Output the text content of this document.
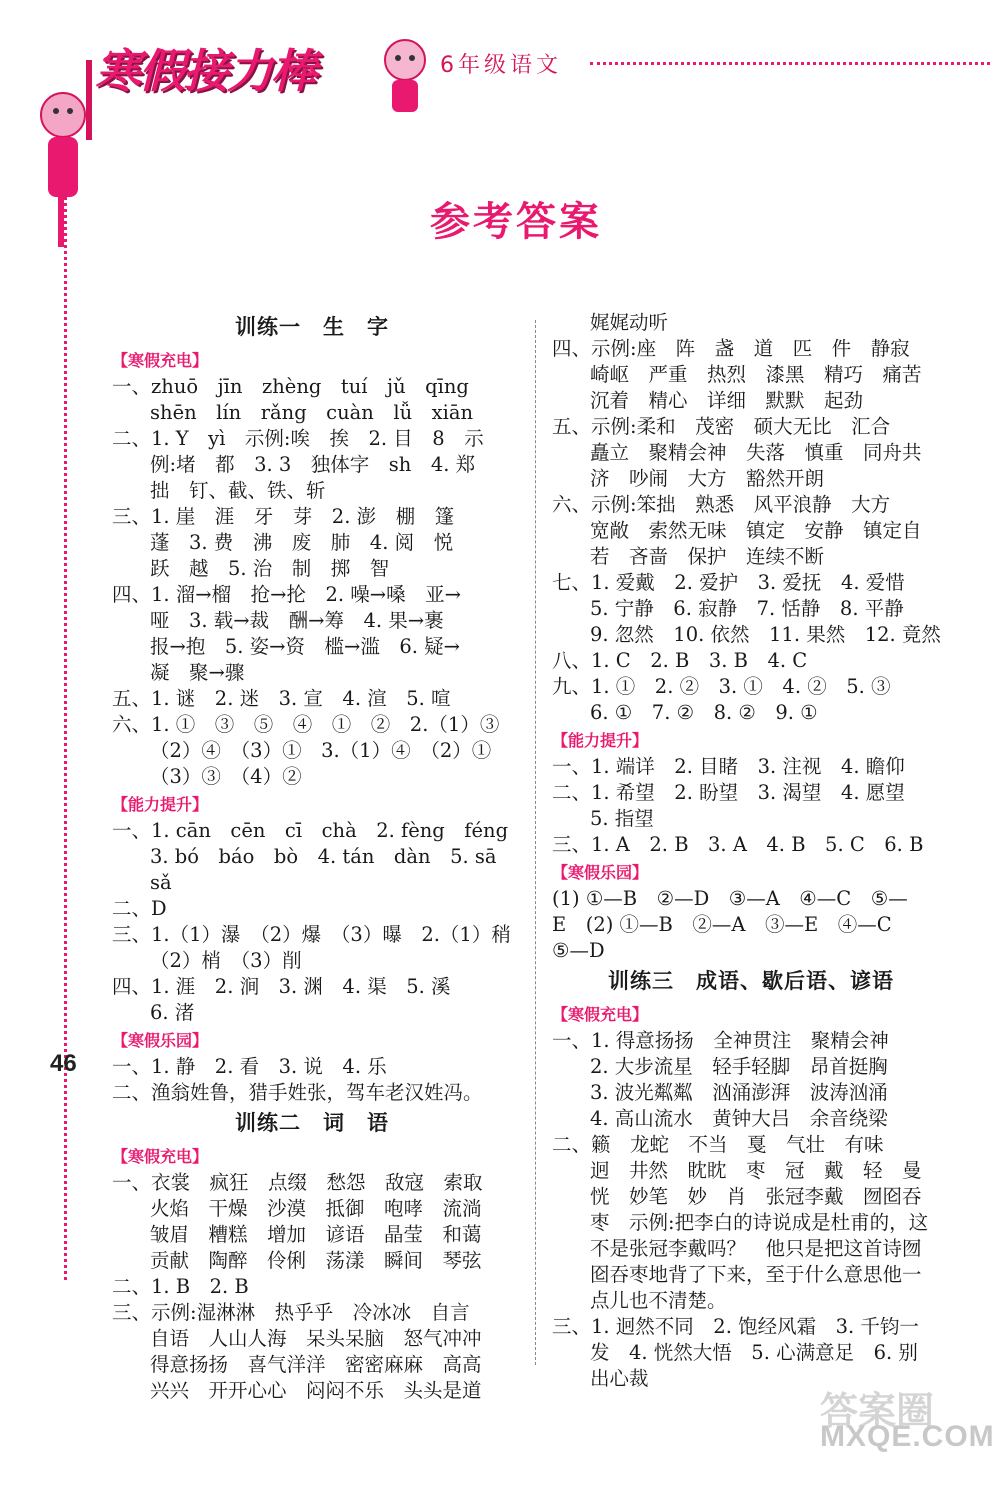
寒假接力棒	6年级语文
参考答案
46
训练一　生　字
【寒假充电】
一、zhuō　jīn　zhèng　tuí　jǔ　qīng
shēn　lín　rǎng　cuàn　lǚ　xiān
二、1. Y　yì　示例:唉　挨　2. 目　8　示
例:堵　都　3. 3　独体字　sh　4. 郑
拙　钉、截、铁、斩
三、1. 崖　涯　牙　芽　2. 澎　棚　篷
蓬　3. 费　沸　废　肺　4. 阅　悦
跃　越　5. 治　制　掷　智
四、1. 溜→榴　抢→抡　2. 噪→嗓　亚→
哑　3. 载→裁　酬→筹　4. 果→裹
报→抱　5. 姿→资　槛→滥　6. 疑→
凝　聚→骤
五、1. 谜　2. 迷　3. 宣　4. 渲　5. 喧
六、1. ①　③　⑤　④　①　②　2.（1）③
（2）④　（3）①　3.（1）④　（2）①
（3）③　（4）②
【能力提升】
一、1. cān　cēn　cī　chà　2. fèng　féng
3. bó　báo　bò　4. tán　dàn　5. sā
sǎ
二、D
三、1.（1）瀑　（2）爆　（3）曝　2.（1）稍
（2）梢　（3）削
四、1. 涯　2. 涧　3. 渊　4. 渠　5. 溪
6. 渚
【寒假乐园】
一、1. 静　2. 看　3. 说　4. 乐
二、渔翁姓鲁，猎手姓张，驾车老汉姓冯。
训练二　词　语
【寒假充电】
一、衣裳　疯狂　点缀　愁怨　敌寇　索取
火焰　干燥　沙漠　抵御　咆哮　流淌
皱眉　糟糕　增加　谚语　晶莹　和蔼
贡献　陶醉　伶俐　荡漾　瞬间　琴弦
二、1. B　2. B
三、示例:湿淋淋　热乎乎　冷冰冰　自言
自语　人山人海　呆头呆脑　怒气冲冲
得意扬扬　喜气洋洋　密密麻麻　高高
兴兴　开开心心　闷闷不乐　头头是道
娓娓动听
四、示例:座　阵　盏　道　匹　件　静寂
崎岖　严重　热烈　漆黑　精巧　痛苦
沉着　精心　详细　默默　起劲
五、示例:柔和　茂密　硕大无比　汇合
矗立　聚精会神　失落　慎重　同舟共
济　吵闹　大方　豁然开朗
六、示例:笨拙　熟悉　风平浪静　大方
宽敞　索然无味　镇定　安静　镇定自
若　吝啬　保护　连续不断
七、1. 爱戴　2. 爱护　3. 爱抚　4. 爱惜
5. 宁静　6. 寂静　7. 恬静　8. 平静
9. 忽然　10. 依然　11. 果然　12. 竟然
八、1. C　2. B　3. B　4. C
九、1. ①　2. ②　3. ①　4. ②　5. ③
6. ①　7. ②　8. ②　9. ①
【能力提升】
一、1. 端详　2. 目睹　3. 注视　4. 瞻仰
二、1. 希望　2. 盼望　3. 渴望　4. 愿望
5. 指望
三、1. A　2. B　3. A　4. B　5. C　6. B
【寒假乐园】
(1) ①—B　②—D　③—A　④—C　⑤—
E　(2) ①—B　②—A　③—E　④—C
⑤—D
训练三　成语、歇后语、谚语
【寒假充电】
一、1. 得意扬扬　全神贯注　聚精会神
2. 大步流星　轻手轻脚　昂首挺胸
3. 波光粼粼　汹涌澎湃　波涛汹涌
4. 高山流水　黄钟大吕　余音绕梁
二、籁　龙蛇　不当　戛　气壮　有味
迥　井然　眈眈　枣　冠　戴　轻　曼
恍　妙笔　妙　肖　张冠李戴　囫囵吞
枣　示例:把李白的诗说成是杜甫的，这
不是张冠李戴吗？　他只是把这首诗囫
囵吞枣地背了下来，至于什么意思他一
点儿也不清楚。
三、1. 迥然不同　2. 饱经风霜　3. 千钧一
发　4. 恍然大悟　5. 心满意足　6. 别
出心裁
答案圈
MXQE.COM
